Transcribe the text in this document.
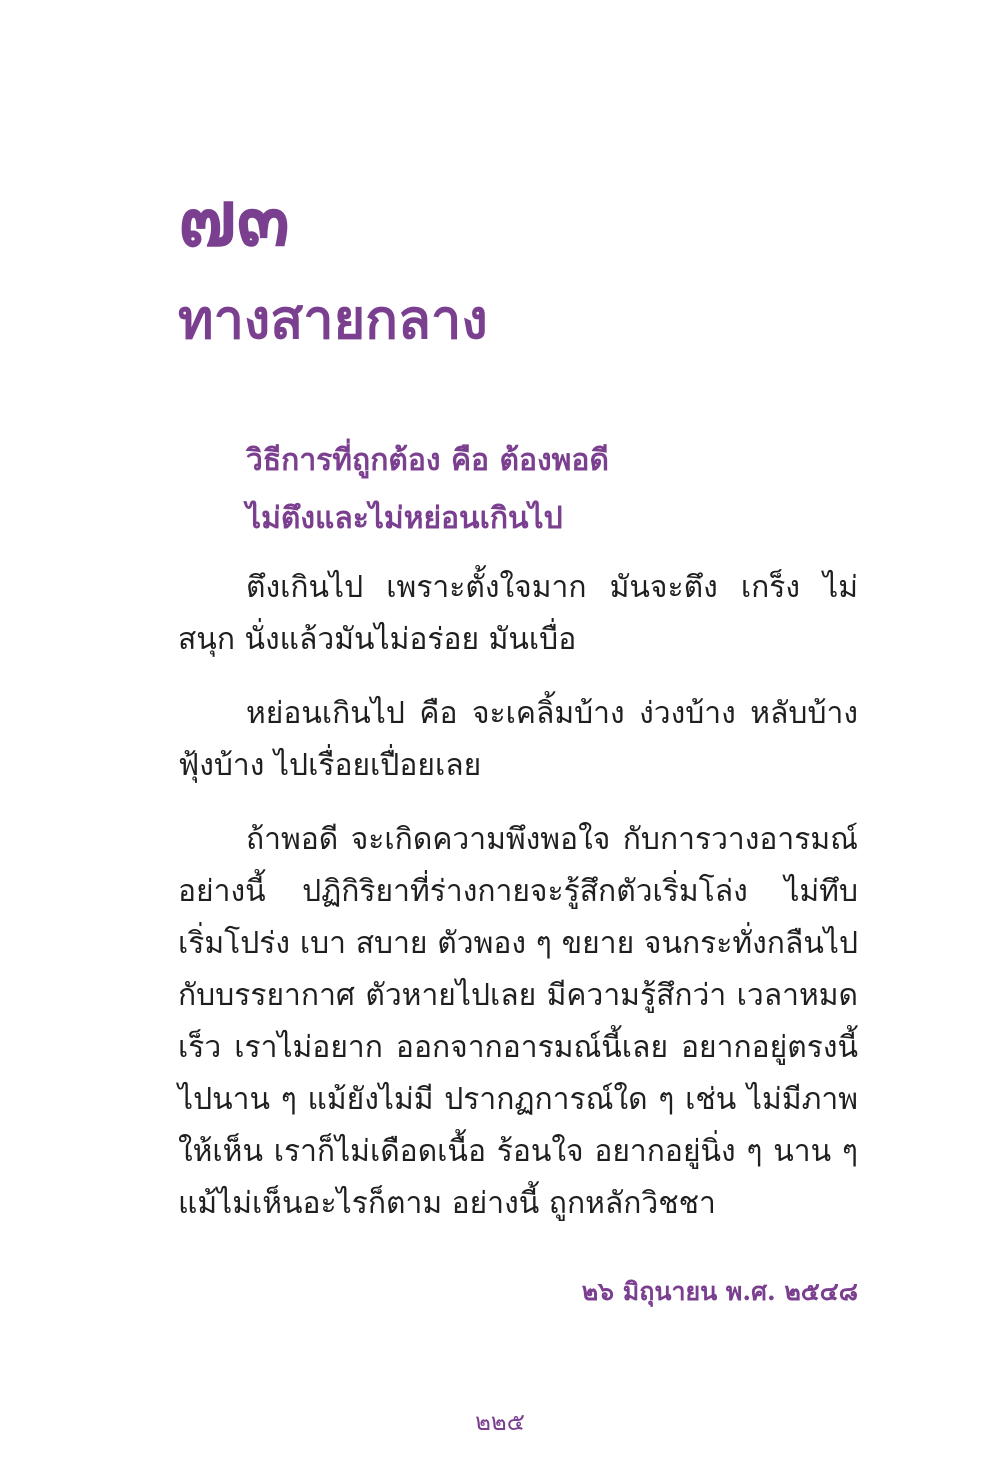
๗๓
ทางสายกลาง
วิธีการที่ถูกต้อง คือ ต้องพอดี
ไม่ตึงและไม่หย่อนเกินไป

ตึงเกินไป เพราะตั้งใจมาก มันจะตึง เกร็ง ไม่สนุก นั่งแล้วมันไม่อร่อย มันเบื่อ

หย่อนเกินไป คือ จะเคลิ้มบ้าง ง่วงบ้าง หลับบ้าง ฟุ้งบ้าง ไปเรื่อยเปื่อยเลย

ถ้าพอดี จะเกิดความพึงพอใจ กับการวางอารมณ์ อย่างนี้ ปฏิกิริยาที่ร่างกายจะรู้สึกตัวเริ่มโล่ง ไม่ทึบ เริ่มโปร่ง เบา สบาย ตัวพอง ๆ ขยาย จนกระทั่งกลืนไปกับบรรยากาศ ตัวหายไปเลย มีความรู้สึกว่า เวลาหมดเร็ว เราไม่อยาก ออกจากอารมณ์นี้เลย อยากอยู่ตรงนี้ไปนาน ๆ แม้ยังไม่มี ปรากฏการณ์ใด ๆ เช่น ไม่มีภาพให้เห็น เราก็ไม่เดือดเนื้อ ร้อนใจ อยากอยู่นิ่ง ๆ นาน ๆ แม้ไม่เห็นอะไรก็ตาม อย่างนี้ ถูกหลักวิชชา

๒๖ มิถุนายน พ.ศ. ๒๕๔๘
๒๒๕
